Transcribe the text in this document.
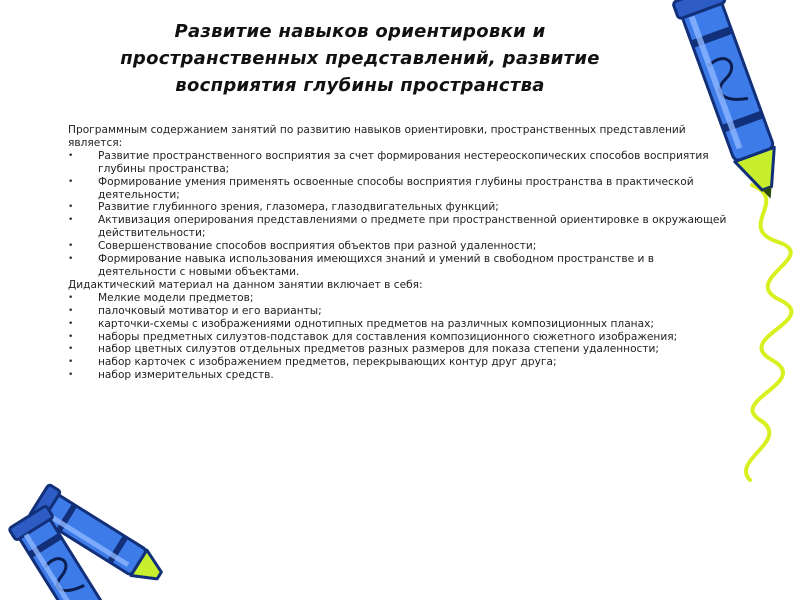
Развитие навыков ориентировки и
пространственных представлений, развитие
восприятия глубины пространства

Программным содержанием занятий по развитию навыков ориентировки, пространственных представлений является:

• Развитие пространственного восприятия за счет формирования нестереоскопических способов восприятия глубины пространства;
• Формирование умения применять освоенные способы восприятия глубины пространства в практической деятельности;
• Развитие глубинного зрения, глазомера, глазодвигательных функций;
• Активизация оперирования представлениями о предмете при пространственной ориентировке в окружающей действительности;
• Совершенствование способов восприятия объектов при разной удаленности;
• Формирование навыка использования имеющихся знаний и умений в свободном пространстве и в деятельности с новыми объектами.

Дидактический материал на данном занятии включает в себя:

• Мелкие модели предметов;
• палочковый мотиватор и его варианты;
• карточки-схемы с изображениями однотипных предметов на различных композиционных планах;
• наборы предметных силуэтов-подставок для составления композиционного сюжетного изображения;
• набор цветных силуэтов отдельных предметов разных размеров для показа степени удаленности;
• набор карточек с изображением предметов, перекрывающих контур друг друга;
• набор измерительных средств.
